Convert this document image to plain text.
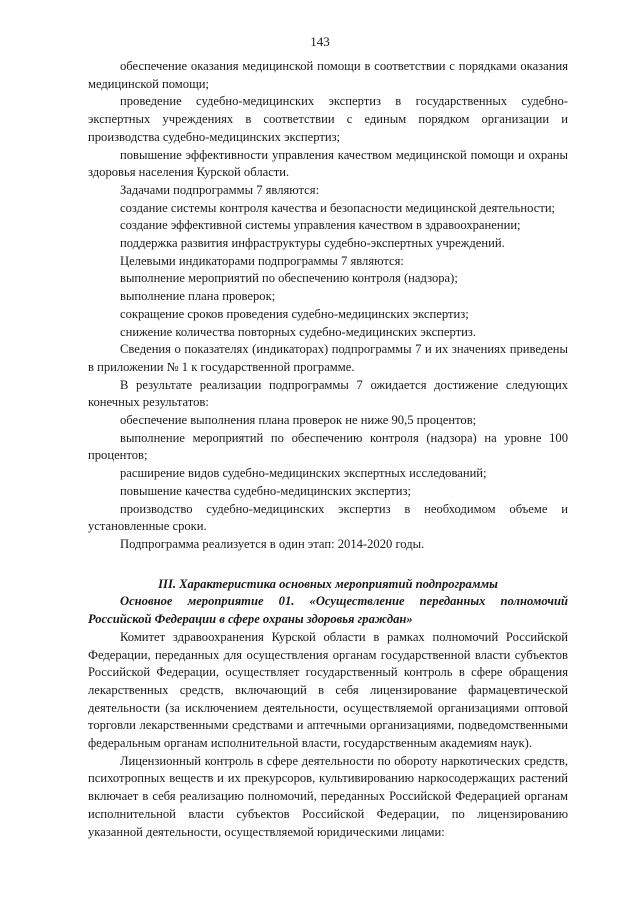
143

обеспечение оказания медицинской помощи в соответствии с порядками оказания медицинской помощи;

проведение судебно-медицинских экспертиз в государственных судебно-экспертных учреждениях в соответствии с единым порядком организации и производства судебно-медицинских экспертиз;

повышение эффективности управления качеством медицинской помощи и охраны здоровья населения Курской области.

Задачами подпрограммы 7 являются:

создание системы контроля качества и безопасности медицинской деятельности;

создание эффективной системы управления качеством в здравоохранении;

поддержка развития инфраструктуры судебно-экспертных учреждений.

Целевыми индикаторами подпрограммы 7 являются:

выполнение мероприятий по обеспечению контроля (надзора);

выполнение плана проверок;

сокращение сроков проведения судебно-медицинских экспертиз;

снижение количества повторных судебно-медицинских экспертиз.

Сведения о показателях (индикаторах) подпрограммы 7 и их значениях приведены в приложении № 1 к государственной программе.

В результате реализации подпрограммы 7 ожидается достижение следующих конечных результатов:

обеспечение выполнения плана проверок не ниже 90,5 процентов;

выполнение мероприятий по обеспечению контроля (надзора) на уровне 100 процентов;

расширение видов судебно-медицинских экспертных исследований;

повышение качества судебно-медицинских экспертиз;

производство судебно-медицинских экспертиз в необходимом объеме и установленные сроки.

Подпрограмма реализуется в один этап: 2014-2020 годы.

III. Характеристика основных мероприятий подпрограммы

Основное мероприятие 01. «Осуществление переданных полномочий Российской Федерации в сфере охраны здоровья граждан»

Комитет здравоохранения Курской области в рамках полномочий Российской Федерации, переданных для осуществления органам государственной власти субъектов Российской Федерации, осуществляет государственный контроль в сфере обращения лекарственных средств, включающий в себя лицензирование фармацевтической деятельности (за исключением деятельности, осуществляемой организациями оптовой торговли лекарственными средствами и аптечными организациями, подведомственными федеральным органам исполнительной власти, государственным академиям наук).

Лицензионный контроль в сфере деятельности по обороту наркотических средств, психотропных веществ и их прекурсоров, культивированию наркосодержащих растений включает в себя реализацию полномочий, переданных Российской Федерацией органам исполнительной власти субъектов Российской Федерации, по лицензированию указанной деятельности, осуществляемой юридическими лицами:
